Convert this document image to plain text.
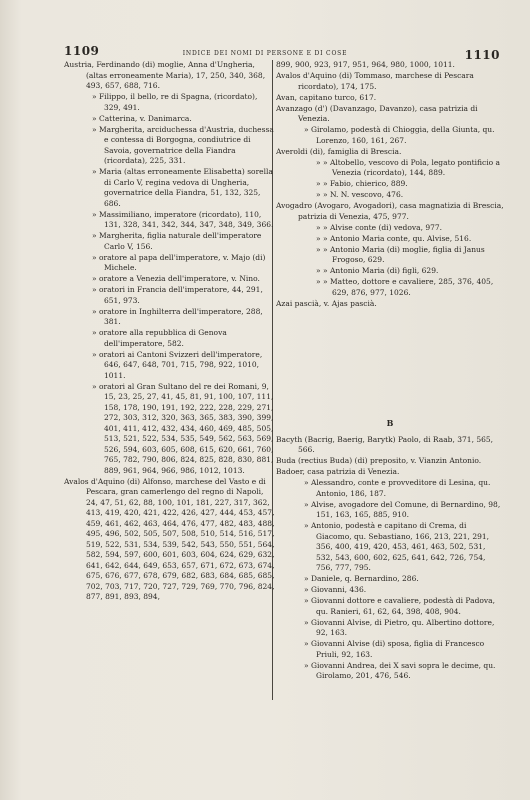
1109	INDICE DEI NOMI DI PERSONE E DI COSE	1110
Austria, Ferdinando (di) moglie, Anna d'Ungheria, (altas erroneamente Maria), 17, 250, 340, 368, 493, 657, 688, 716.
» Filippo, il bello, re di Spagna, (ricordato), 329, 491.
» Catterina, v. Danimarca.
» Margherita, arciduchessa d'Austria, duchessa e contessa di Borgogna, condiutrice di Savoia, governatrice della Fiandra (ricordata), 225, 331.
» Maria (altas erroneamente Elisabetta) sorella di Carlo V, regina vedova di Ungheria, governatrice della Fiandra, 51, 132, 325, 686.
» Massimiliano, imperatore (ricordato), 110, 131, 328, 341, 342, 344, 347, 348, 349, 366.
» Margherita, figlia naturale dell'imperatore Carlo V, 156.
» oratore al papa dell'imperatore, v. Majo (di) Michele.
» oratore a Venezia dell'imperatore, v. Nino.
» oratori in Francia dell'imperatore, 44, 291, 651, 973.
» oratore in Inghilterra dell'imperatore, 288, 381.
» oratore alla repubblica di Genova dell'imperatore, 582.
» oratori ai Cantoni Svizzeri dell'imperatore, 646, 647, 648, 701, 715, 798, 922, 1010, 1011.
» oratori al Gran Sultano del re dei Romani, 9, 15, 23, 25, 27, 41, 45, 81, 91, 100, 107, 111, 158, 178, 190, 191, 192, 222, 228, 229, 271, 272, 303, 312, 320, 363, 365, 383, 390, 399, 401, 411, 412, 432, 434, 460, 469, 485, 505, 513, 521, 522, 534, 535, 549, 562, 563, 569, 526, 594, 603, 605, 608, 615, 620, 661, 760, 765, 782, 790, 806, 824, 825, 828, 830, 881, 889, 961, 964, 966, 986, 1012, 1013.
Avalos d'Aquino (di) Alfonso, marchese del Vasto e di Pescara, gran camerlengo del regno di Napoli, 24, 47, 51, 62, 88, 100, 101, 181, 227, 317, 362, 413, 419, 420, 421, 422, 426, 427, 444, 453, 457, 459, 461, 462, 463, 464, 476, 477, 482, 483, 488, 495, 496, 502, 505, 507, 508, 510, 514, 516, 517, 519, 522, 531, 534, 539, 542, 543, 550, 551, 564, 582, 594, 597, 600, 601, 603, 604, 624, 629, 632, 641, 642, 644, 649, 653, 657, 671, 672, 673, 674, 675, 676, 677, 678, 679, 682, 683, 684, 685, 685, 702, 703, 717, 720, 727, 729, 769, 770, 796, 824, 877, 891, 893, 894,
899, 900, 923, 917, 951, 964, 980, 1000, 1011.
Avalos d'Aquino (di) Tommaso, marchese di Pescara ricordato), 174, 175.
Avan, capitano turco, 617.
Avanzago (d') (Davanzago, Davanzo), casa patrizia di Venezia.
» Girolamo, podestà di Chioggia, della Giunta, qu. Lorenzo, 160, 161, 267.
Averoldi (di), famiglia di Brescia.
» » Altobello, vescovo di Pola, legato pontificio a Venezia (ricordato), 144, 889.
» » Fabio, chierico, 889.
» » N. N. vescovo, 476.
Avogadro (Avogaro, Avogadori), casa magnatizia di Brescia, patrizia di Venezia, 475, 977.
» » Alvise conte (di) vedova, 977.
» » Antonio Maria conte, qu. Alvise, 516.
» » Antonio Maria (di) moglie, figlia di Janus Frogoso, 629.
» » Antonio Maria (di) figli, 629.
» » Matteo, dottore e cavaliere, 285, 376, 405, 629, 876, 977, 1026.
Azai pascià, v. Ajas pascià.
B
Bacyth (Bacrig, Baerig, Barytk) Paolo, di Raab, 371, 565, 566.
Buda (rectius Buda) (di) preposito, v. Vianzin Antonio.
Badoer, casa patrizia di Venezia.
» Alessandro, conte e provveditore di Lesina, qu. Antonio, 186, 187.
» Alvise, avogadore del Comune, di Bernardino, 98, 151, 163, 165, 885, 910.
» Antonio, podestà e capitano di Crema, di Giacomo, qu. Sebastiano, 166, 213, 221, 291, 356, 400, 419, 420, 453, 461, 463, 502, 531, 532, 543, 600, 602, 625, 641, 642, 726, 754, 756, 777, 795.
» Daniele, q. Bernardino, 286.
» Giovanni, 436.
» Giovanni dottore e cavaliere, podestà di Padova, qu. Ranieri, 61, 62, 64, 398, 408, 904.
» Giovanni Alvise, di Pietro, qu. Albertino dottore, 92, 163.
» Giovanni Alvise (di) sposa, figlia di Francesco Priuli, 92, 163.
» Giovanni Andrea, dei X savi sopra le decime, qu. Girolamo, 201, 476, 546.
